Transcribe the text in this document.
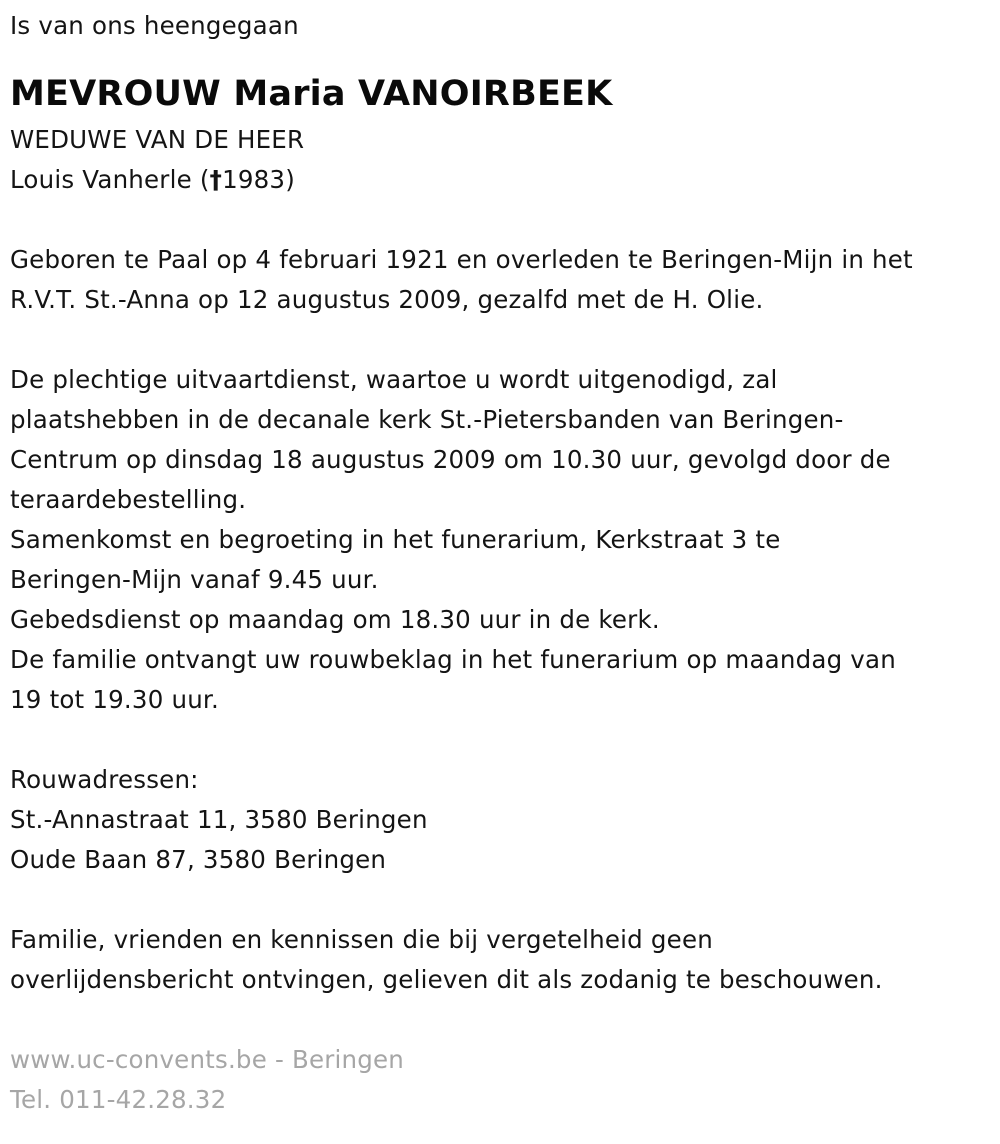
Is van ons heengegaan
MEVROUW Maria VANOIRBEEK
WEDUWE VAN DE HEER
Louis Vanherle (†1983)
Geboren te Paal op 4 februari 1921 en overleden te Beringen-Mijn in het
R.V.T. St.-Anna op 12 augustus 2009, gezalfd met de H. Olie.
De plechtige uitvaartdienst, waartoe u wordt uitgenodigd, zal
plaatshebben in de decanale kerk St.-Pietersbanden van Beringen-
Centrum op dinsdag 18 augustus 2009 om 10.30 uur, gevolgd door de
teraardebestelling.
Samenkomst en begroeting in het funerarium, Kerkstraat 3 te
Beringen-Mijn vanaf 9.45 uur.
Gebedsdienst op maandag om 18.30 uur in de kerk.
De familie ontvangt uw rouwbeklag in het funerarium op maandag van
19 tot 19.30 uur.
Rouwadressen:
St.-Annastraat 11, 3580 Beringen
Oude Baan 87, 3580 Beringen
Familie, vrienden en kennissen die bij vergetelheid geen
overlijdensbericht ontvingen, gelieven dit als zodanig te beschouwen.
www.uc-convents.be - Beringen
Tel. 011-42.28.32
